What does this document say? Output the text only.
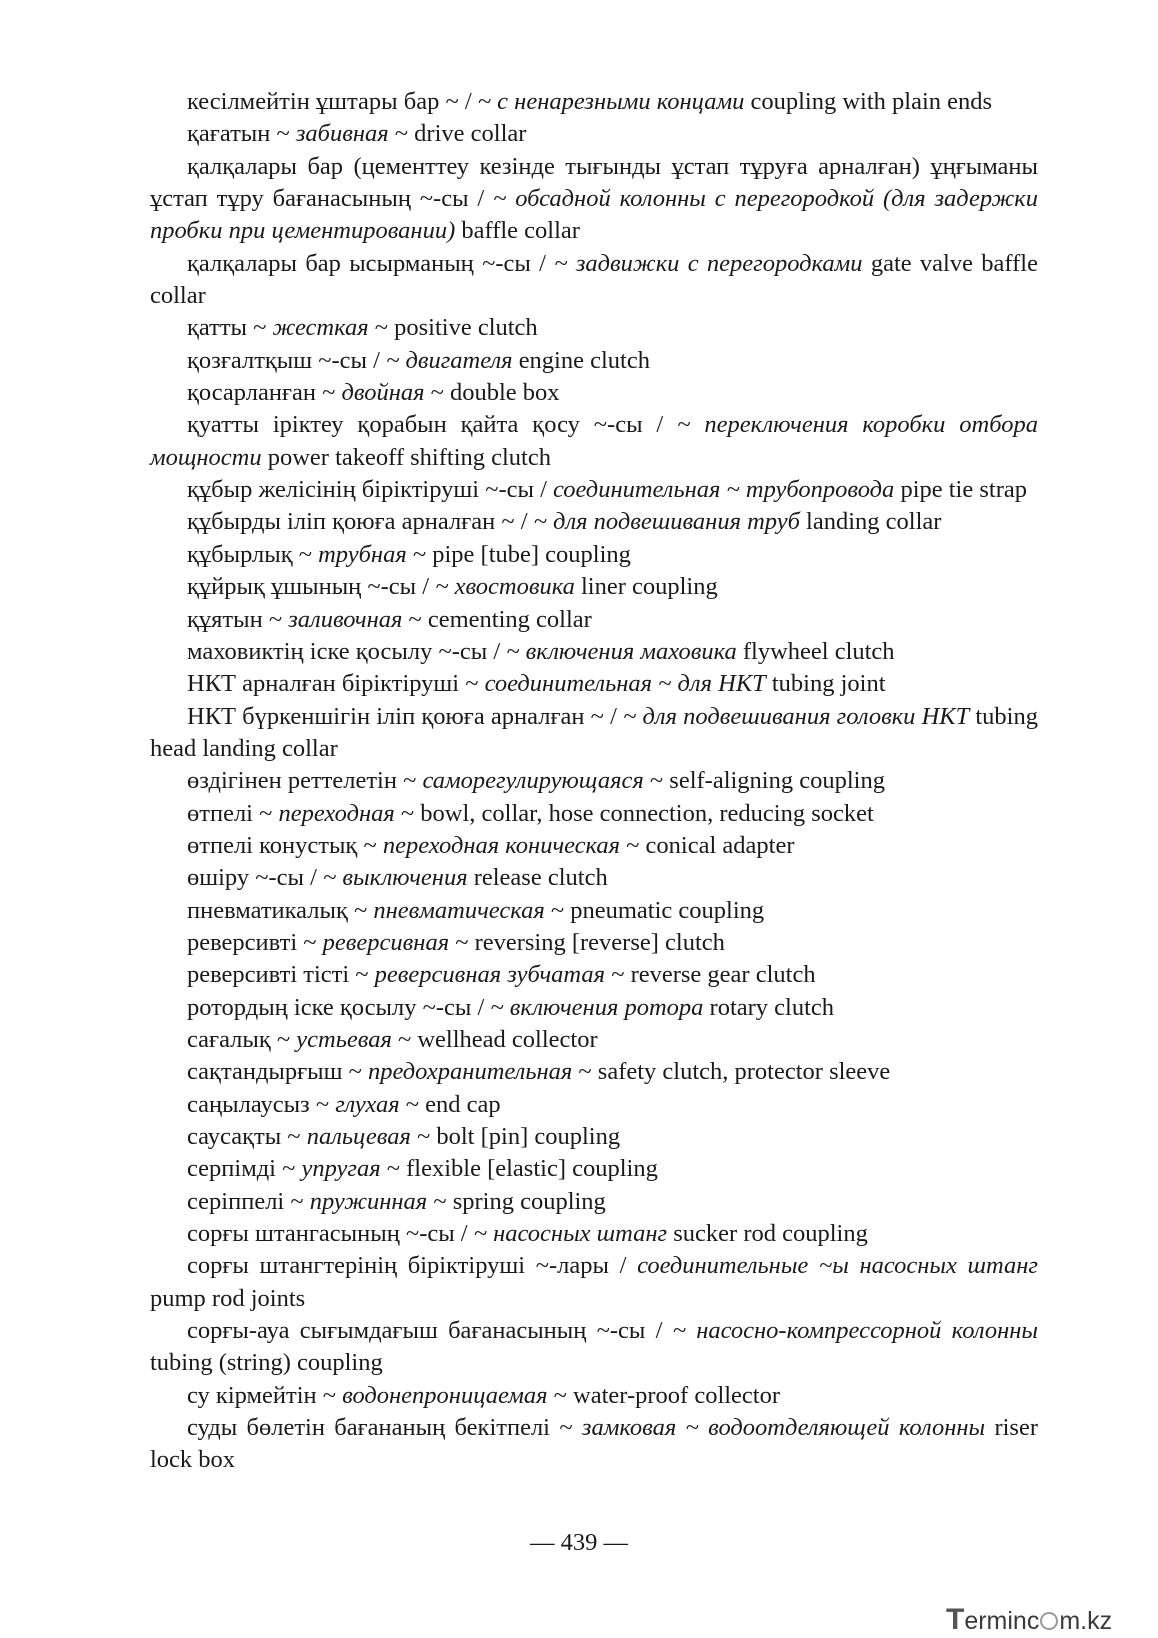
кесілмейтін ұштары бар ~ / ~ с ненарезными концами coupling with plain ends

қағатын ~ забивная ~ drive collar

қалқалары бар (цементтеу кезінде тығынды ұстап тұруға арналған) ұңғыманы ұстап тұру бағанасының ~-сы / ~ обсадной колонны с перегородкой (для задержки пробки при цементировании) baffle collar

қалқалары бар ысырманың ~-сы / ~ задвижки с перегородками gate valve baffle collar

қатты ~ жесткая ~ positive clutch

қозғалтқыш ~-сы / ~ двигателя engine clutch

қосарланған ~ двойная ~ double box

қуатты іріктеу қорабын қайта қосу ~-сы / ~ переключения коробки отбора мощности power takeoff shifting clutch

құбыр желісінің біріктіруші ~-сы / соединительная ~ трубопровода pipe tie strap

құбырды іліп қоюға арналған ~ / ~ для подвешивания труб landing collar

құбырлық ~ трубная ~ pipe [tube] coupling

құйрық ұшының ~-сы / ~ хвостовика liner coupling

құятын ~ заливочная ~ cementing collar

маховиктің іске қосылу ~-сы / ~ включения маховика flywheel clutch

НКТ арналған біріктіруші ~ соединительная ~ для НКТ tubing joint

НКТ бүркеншігін іліп қоюға арналған ~ / ~ для подвешивания головки НКТ tubing head landing collar

өздігінен реттелетін ~ саморегулирующаяся ~ self-aligning coupling

өтпелі ~ переходная ~ bowl, collar, hose connection, reducing socket

өтпелі конустық ~ переходная коническая ~ conical adapter

өшіру ~-сы / ~ выключения release clutch

пневматикалық ~ пневматическая ~ pneumatic coupling

реверсивті ~ реверсивная ~ reversing [reverse] clutch

реверсивті тісті ~ реверсивная зубчатая ~ reverse gear clutch

ротордың іске қосылу ~-сы / ~ включения ротора rotary clutch

сағалық ~ устьевая ~ wellhead collector

сақтандырғыш ~ предохранительная ~ safety clutch, protector sleeve

саңылаусыз ~ глухая ~ end cap

саусақты ~ пальцевая ~ bolt [pin] coupling

серпімді ~ упругая ~ flexible [elastic] coupling

серіппелі ~ пружинная ~ spring coupling

сорғы штангасының ~-сы / ~ насосных штанг sucker rod coupling

сорғы штангтерінің біріктіруші ~-лары / соединительные ~ы насосных штанг pump rod joints

сорғы-ауа сығымдағыш бағанасының ~-сы / ~ насосно-компрессорной колонны tubing (string) coupling

су кірмейтін ~ водонепроницаемая ~ water-proof collector

суды бөлетін бағананың бекітпелі ~ замковая ~ водоотделяющей колонны riser lock box

— 439 —
Terminc m.kz
